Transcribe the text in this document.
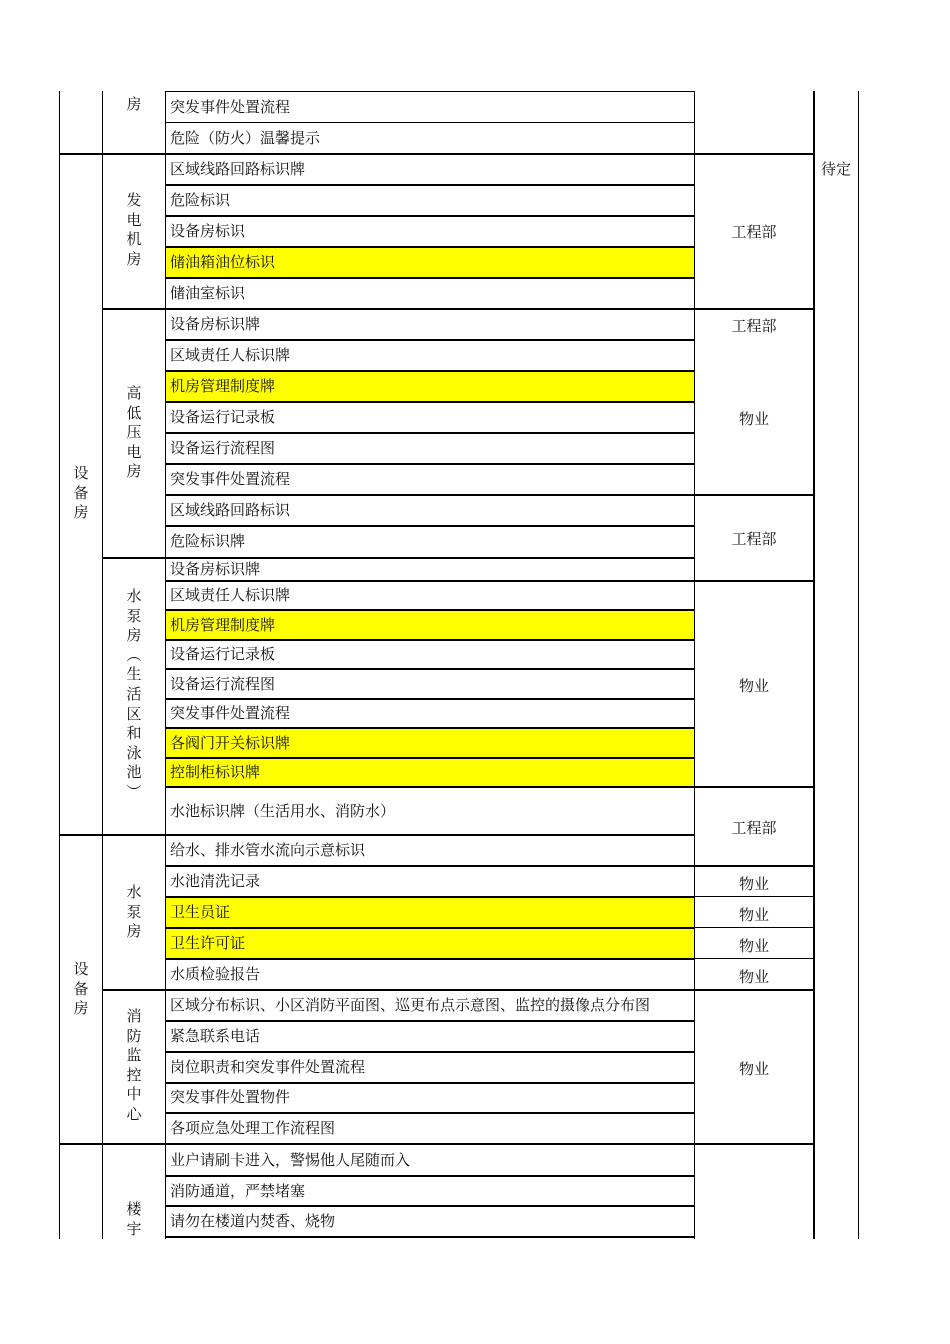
设
备
房
设
备
房
房
发
电
机
房
高
低
压
电
房
水
泵
房
︵
生
活
区
和
泳
池
︶
水
泵
房
消
防
监
控
中
心
楼
宇
突发事件处置流程
危险（防火）温馨提示
区域线路回路标识牌
危险标识
设备房标识
储油箱油位标识
储油室标识
设备房标识牌
区域责任人标识牌
机房管理制度牌
设备运行记录板
设备运行流程图
突发事件处置流程
区域线路回路标识
危险标识牌
设备房标识牌
区域责任人标识牌
机房管理制度牌
设备运行记录板
设备运行流程图
突发事件处置流程
各阀门开关标识牌
控制柜标识牌
水池标识牌（生活用水、消防水）
给水、排水管水流向示意标识
水池清洗记录
卫生员证
卫生许可证
水质检验报告
区域分布标识、小区消防平面图、巡更布点示意图、监控的摄像点分布图
紧急联系电话
岗位职责和突发事件处置流程
突发事件处置物件
各项应急处理工作流程图
业户请刷卡进入，警惕他人尾随而入
消防通道，严禁堵塞
请勿在楼道内焚香、烧物
工程部
工程部
物业
工程部
物业
工程部
物业
物业
物业
物业
物业
待定
